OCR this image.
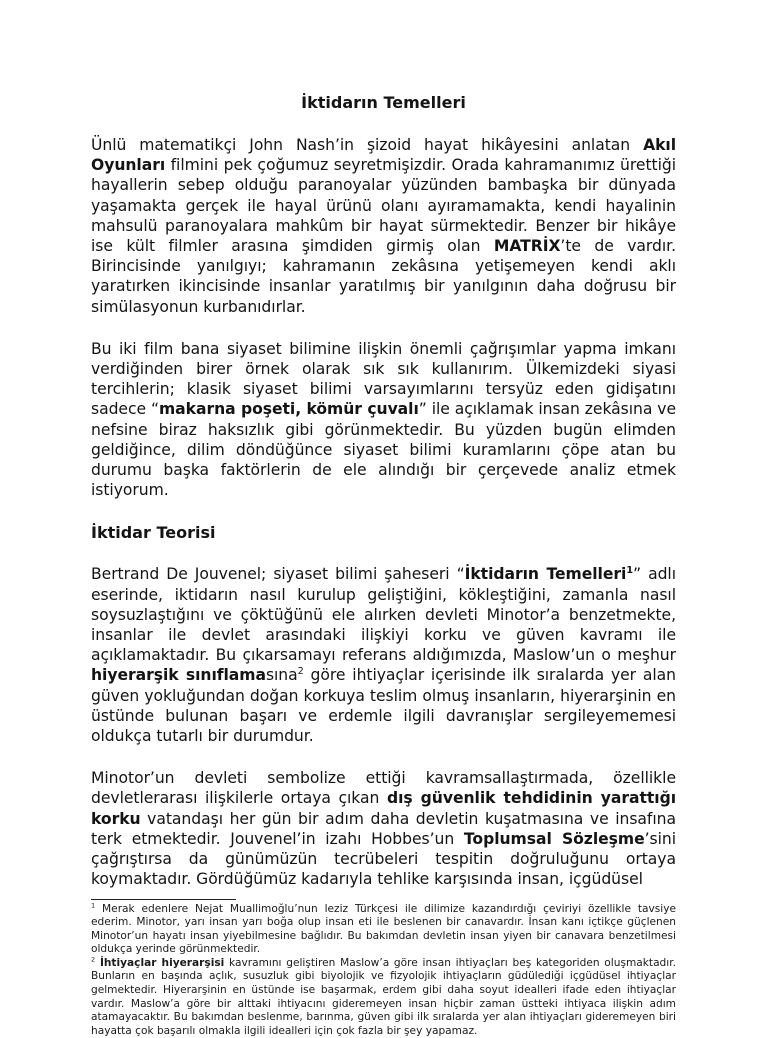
İktidarın Temelleri

Ünlü matematikçi John Nash’in şizoid hayat hikâyesini anlatan Akıl Oyunları filmini pek çoğumuz seyretmişizdir. Orada kahramanımız ürettiği hayallerin sebep olduğu paranoyalar yüzünden bambaşka bir dünyada yaşamakta gerçek ile hayal ürünü olanı ayıramamakta, kendi hayalinin mahsulü paranoyalara mahkûm bir hayat sürmektedir. Benzer bir hikâye ise kült filmler arasına şimdiden girmiş olan MATRİX’te de vardır. Birincisinde yanılgıyı; kahramanın zekâsına yetişemeyen kendi aklı yaratırken ikincisinde insanlar yaratılmış bir yanılgının daha doğrusu bir simülasyonun kurbanıdırlar.

Bu iki film bana siyaset bilimine ilişkin önemli çağrışımlar yapma imkanı verdiğinden birer örnek olarak sık sık kullanırım. Ülkemizdeki siyasi tercihlerin; klasik siyaset bilimi varsayımlarını tersyüz eden gidişatını sadece “makarna poşeti, kömür çuvalı” ile açıklamak insan zekâsına ve nefsine biraz haksızlık gibi görünmektedir. Bu yüzden bugün elimden geldiğince, dilim döndüğünce siyaset bilimi kuramlarını çöpe atan bu durumu başka faktörlerin de ele alındığı bir çerçevede analiz etmek istiyorum.

İktidar Teorisi

Bertrand De Jouvenel; siyaset bilimi şaheseri “İktidarın Temelleri$^1$” adlı eserinde, iktidarın nasıl kurulup geliştiğini, kökleştiğini, zamanla nasıl soysuzlaştığını ve çöktüğünü ele alırken devleti Minotor’a benzetmekte, insanlar ile devlet arasındaki ilişkiyi korku ve güven kavramı ile açıklamaktadır. Bu çıkarsamayı referans aldığımızda, Maslow’un o meşhur hiyerarşik sınıflamasına$^2$ göre ihtiyaçlar içerisinde ilk sıralarda yer alan güven yokluğundan doğan korkuya teslim olmuş insanların, hiyerarşinin en üstünde bulunan başarı ve erdemle ilgili davranışlar sergileyememesi oldukça tutarlı bir durumdur.

Minotor’un devleti sembolize ettiği kavramsallaştırmada, özellikle devletlerarası ilişkilerle ortaya çıkan dış güvenlik tehdidinin yarattığı korku vatandaşı her gün bir adım daha devletin kuşatmasına ve insafına terk etmektedir. Jouvenel’in izahı Hobbes’un Toplumsal Sözleşme’sini çağrıştırsa da günümüzün tecrübeleri tespitin doğruluğunu ortaya koymaktadır. Gördüğümüz kadarıyla tehlike karşısında insan, içgüdüsel

$^1$ Merak edenlere Nejat Muallimoğlu’nun leziz Türkçesi ile dilimize kazandırdığı çeviriyi özellikle tavsiye ederim. Minotor, yarı insan yarı boğa olup insan eti ile beslenen bir canavardır. İnsan kanı içtikçe güçlenen Minotor’un hayatı insan yiyebilmesine bağlıdır. Bu bakımdan devletin insan yiyen bir canavara benzetilmesi oldukça yerinde görünmektedir.

$^2$ İhtiyaçlar hiyerarşisi kavramını geliştiren Maslow’a göre insan ihtiyaçları beş kategoriden oluşmaktadır. Bunların en başında açlık, susuzluk gibi biyolojik ve fizyolojik ihtiyaçların güdülediği içgüdüsel ihtiyaçlar gelmektedir. Hiyerarşinin en üstünde ise başarmak, erdem gibi daha soyut idealleri ifade eden ihtiyaçlar vardır. Maslow’a göre bir alttaki ihtiyacını gideremeyen insan hiçbir zaman üstteki ihtiyaca ilişkin adım atamayacaktır. Bu bakımdan beslenme, barınma, güven gibi ilk sıralarda yer alan ihtiyaçları gideremeyen biri hayatta çok başarılı olmakla ilgili idealleri için çok fazla bir şey yapamaz.
